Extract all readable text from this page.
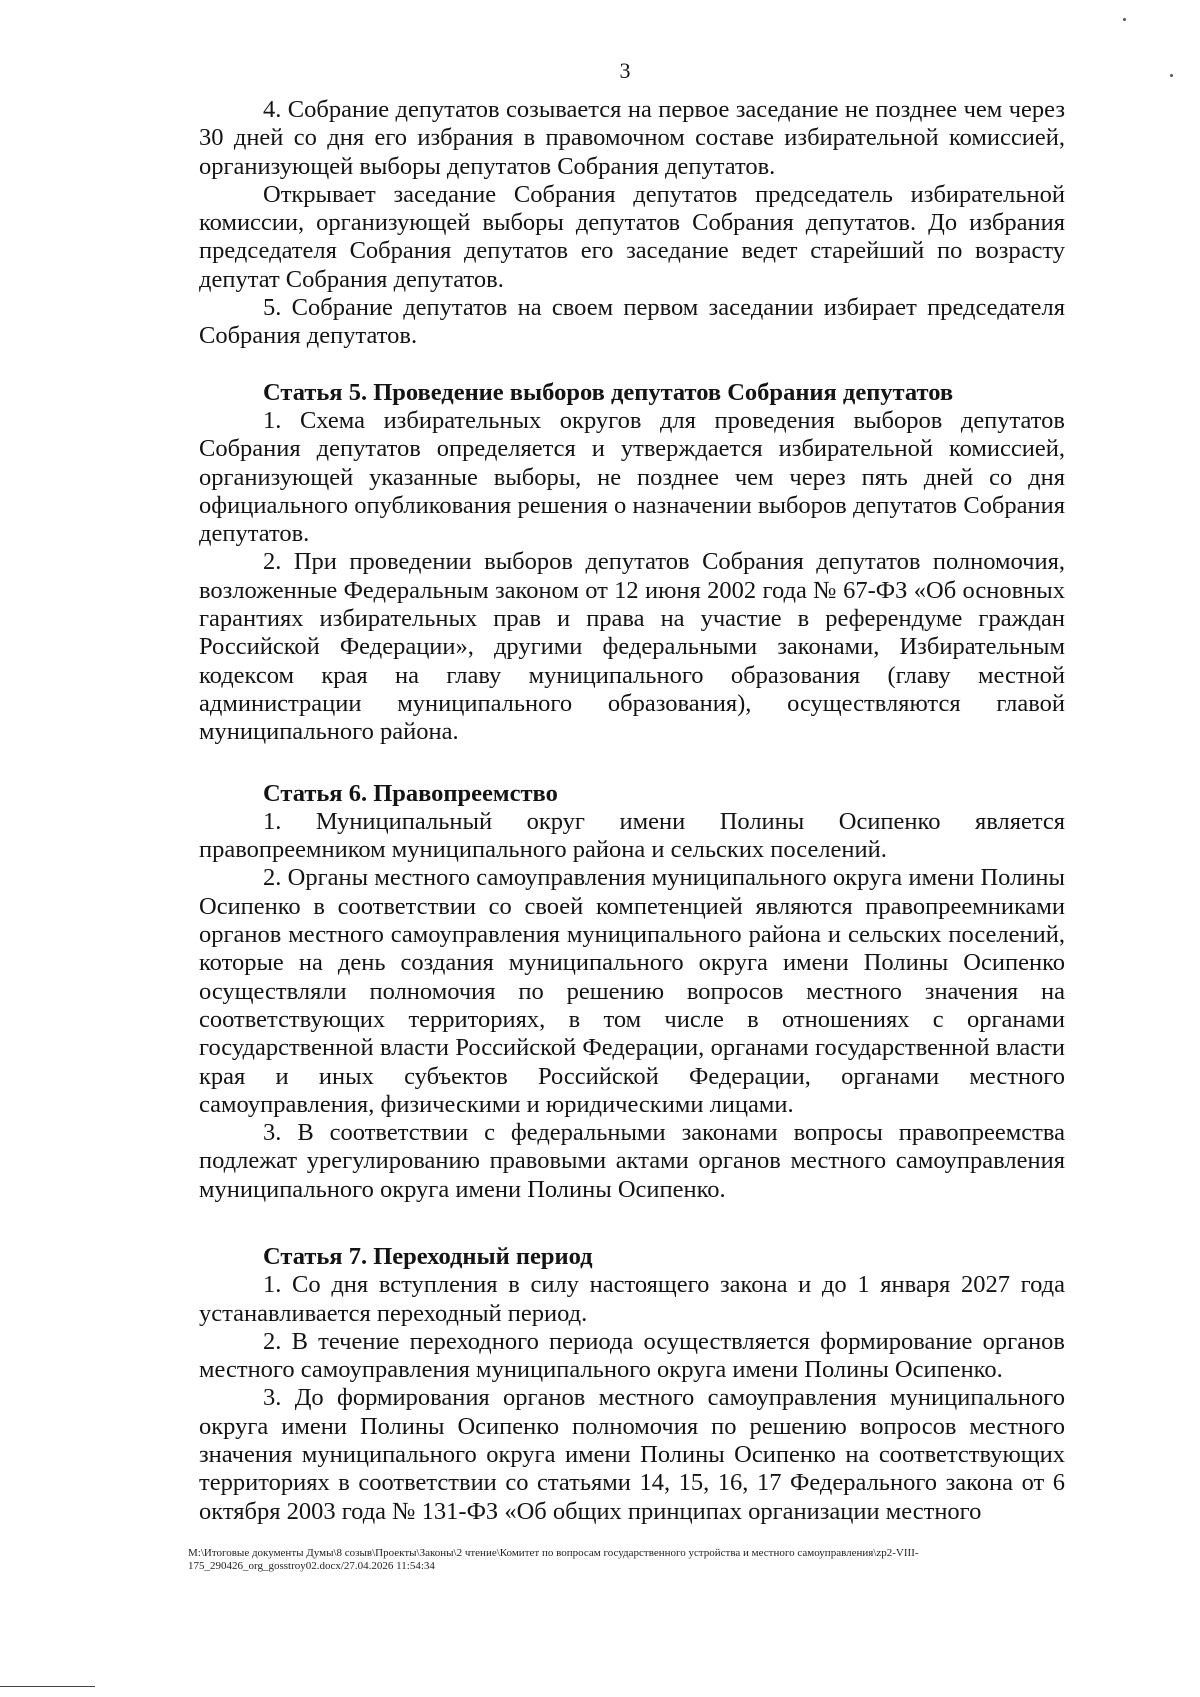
3

4. Собрание депутатов созывается на первое заседание не позднее чем через 30 дней со дня его избрания в правомочном составе избирательной комиссией, организующей выборы депутатов Собрания депутатов.

Открывает заседание Собрания депутатов председатель избирательной комиссии, организующей выборы депутатов Собрания депутатов. До избрания председателя Собрания депутатов его заседание ведет старейший по возрасту депутат Собрания депутатов.

5. Собрание депутатов на своем первом заседании избирает председателя Собрания депутатов.

Статья 5. Проведение выборов депутатов Собрания депутатов

1. Схема избирательных округов для проведения выборов депутатов Собрания депутатов определяется и утверждается избирательной комиссией, организующей указанные выборы, не позднее чем через пять дней со дня официального опубликования решения о назначении выборов депутатов Собрания депутатов.

2. При проведении выборов депутатов Собрания депутатов полномочия, возложенные Федеральным законом от 12 июня 2002 года № 67-ФЗ «Об основных гарантиях избирательных прав и права на участие в референдуме граждан Российской Федерации», другими федеральными законами, Избирательным кодексом края на главу муниципального образования (главу местной администрации муниципального образования), осуществляются главой муниципального района.

Статья 6. Правопреемство

1. Муниципальный округ имени Полины Осипенко является правопреемником муниципального района и сельских поселений.

2. Органы местного самоуправления муниципального округа имени Полины Осипенко в соответствии со своей компетенцией являются правопреемниками органов местного самоуправления муниципального района и сельских поселений, которые на день создания муниципального округа имени Полины Осипенко осуществляли полномочия по решению вопросов местного значения на соответствующих территориях, в том числе в отношениях с органами государственной власти Российской Федерации, органами государственной власти края и иных субъектов Российской Федерации, органами местного самоуправления, физическими и юридическими лицами.

3. В соответствии с федеральными законами вопросы правопреемства подлежат урегулированию правовыми актами органов местного самоуправления муниципального округа имени Полины Осипенко.

Статья 7. Переходный период

1. Со дня вступления в силу настоящего закона и до 1 января 2027 года устанавливается переходный период.

2. В течение переходного периода осуществляется формирование органов местного самоуправления муниципального округа имени Полины Осипенко.

3. До формирования органов местного самоуправления муниципального округа имени Полины Осипенко полномочия по решению вопросов местного значения муниципального округа имени Полины Осипенко на соответствующих территориях в соответствии со статьями 14, 15, 16, 17 Федерального закона от 6 октября 2003 года № 131-ФЗ «Об общих принципах организации местного

M:\Итоговые документы Думы\8 созыв\Проекты\Законы\2 чтение\Комитет по вопросам государственного устройства и местного самоуправления\zp2-VIII-175_290426_org_gosstroy02.docx/27.04.2026 11:54:34
